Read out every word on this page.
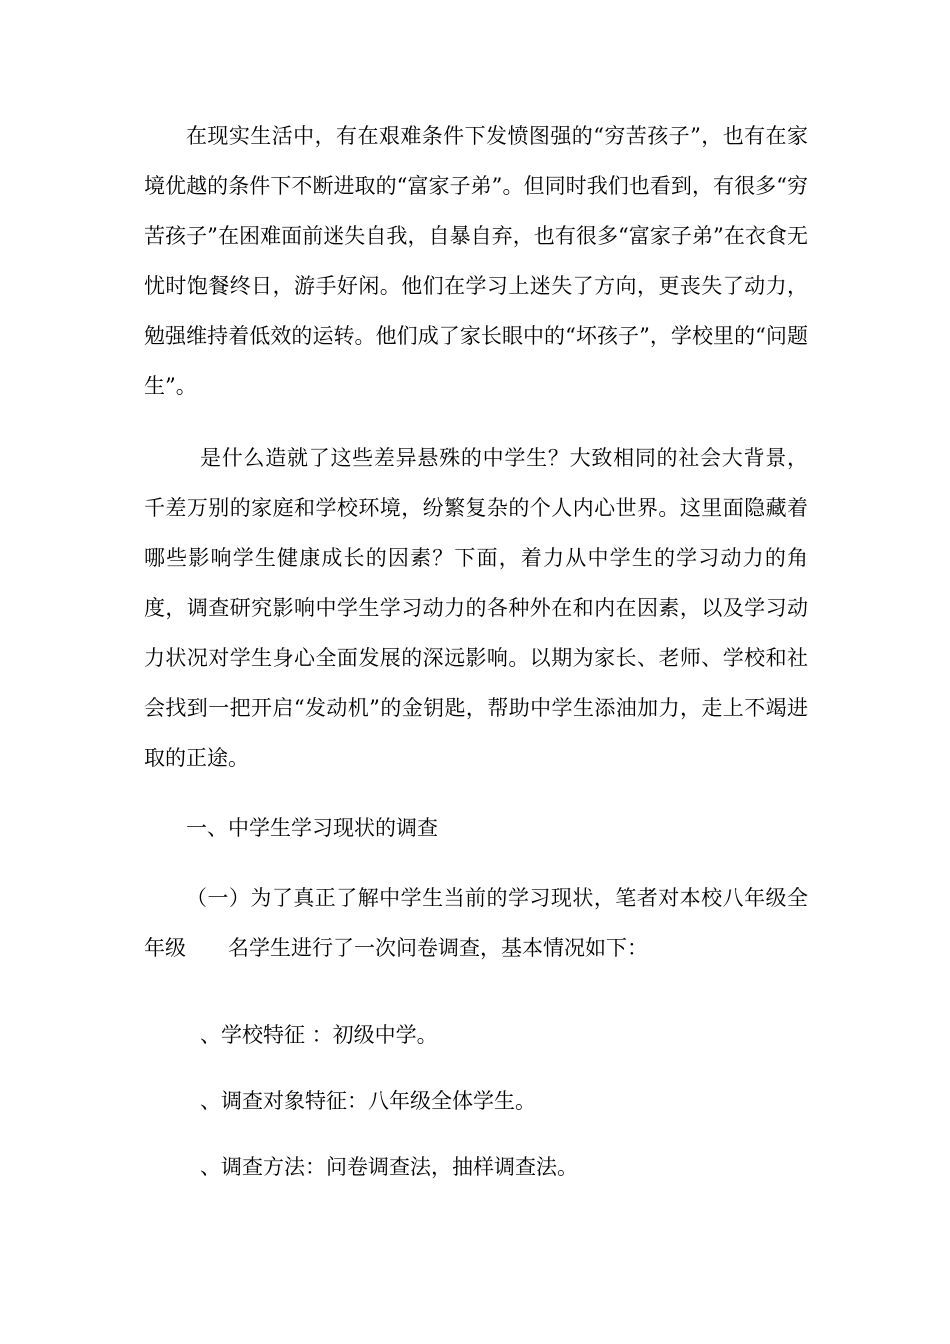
在现实生活中，有在艰难条件下发愤图强的“穷苦孩子”，也有在家境优越的条件下不断进取的“富家子弟”。但同时我们也看到，有很多“穷苦孩子”在困难面前迷失自我，自暴自弃，也有很多“富家子弟”在衣食无忧时饱餐终日，游手好闲。他们在学习上迷失了方向，更丧失了动力，勉强维持着低效的运转。他们成了家长眼中的“坏孩子”，学校里的“问题生”。

是什么造就了这些差异悬殊的中学生？大致相同的社会大背景，千差万别的家庭和学校环境，纷繁复杂的个人内心世界。这里面隐藏着哪些影响学生健康成长的因素？下面，着力从中学生的学习动力的角度，调查研究影响中学生学习动力的各种外在和内在因素，以及学习动力状况对学生身心全面发展的深远影响。以期为家长、老师、学校和社会找到一把开启“发动机”的金钥匙，帮助中学生添油加力，走上不竭进取的正途。

一、中学生学习现状的调查

（一）为了真正了解中学生当前的学习现状，笔者对本校八年级全年级　　名学生进行了一次问卷调查，基本情况如下：

、学校特征 ：初级中学。

、调查对象特征：八年级全体学生。

、调查方法：问卷调查法，抽样调查法。
